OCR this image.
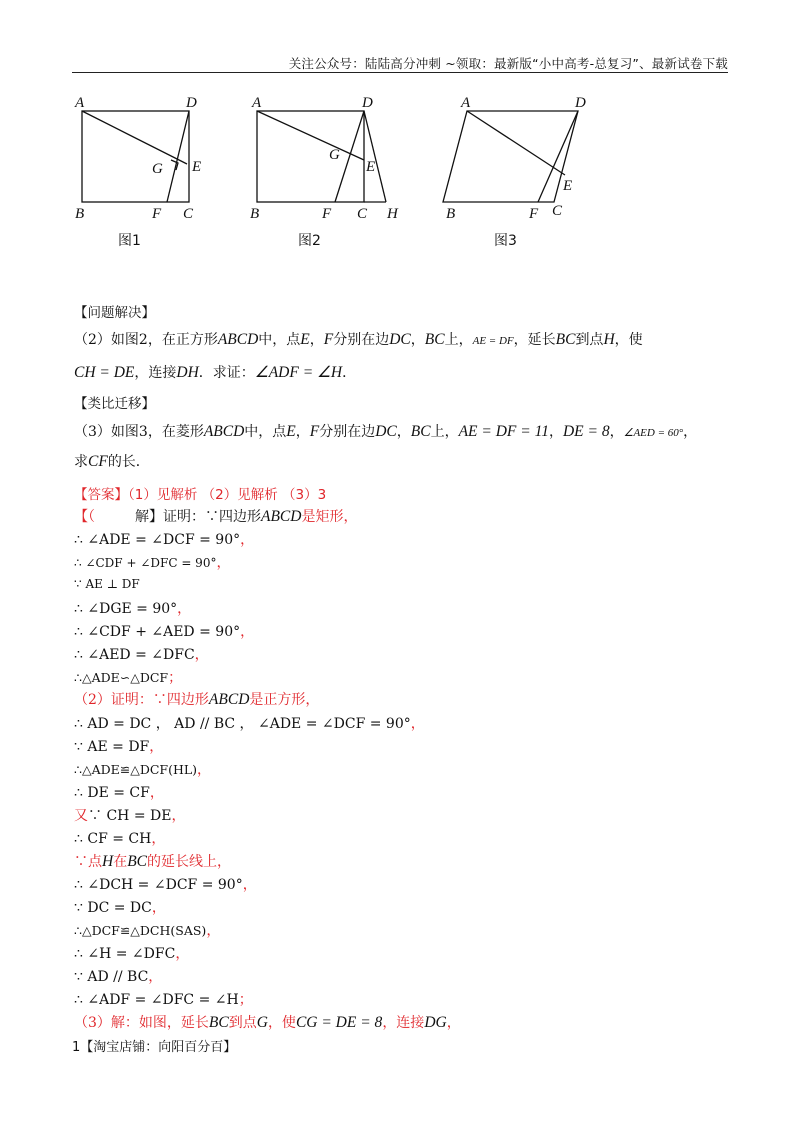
关注公众号：陆陆高分冲刺 ~领取：最新版“小中高考-总复习”、最新试卷下载
A	D
G E
B	F C
A	D
G
E
B	F C H
A	D
E
B	F C
图1	图2	图3
【问题解决】
（2）如图2，在正方形ABCD中，点E，F分别在边DC，BC上，AE = DF，延长BC到点H，使
CH = DE，连接DH．求证：∠ADF = ∠H．
【类比迁移】
（3）如图3，在菱形ABCD中，点E，F分别在边DC，BC上，AE = DF = 11，DE = 8，∠AED = 60°，
求CF的长．
【答案】（1）见解析 （2）见解析 （3）3
【（	解】证明：∵四边形ABCD是矩形，
∴ ∠ADE = ∠DCF = 90°，
∴ ∠CDF + ∠DFC = 90°，
∵ AE ⊥ DF
∴ ∠DGE = 90°，
∴ ∠CDF + ∠AED = 90°，
∴ ∠AED = ∠DFC，
∴△ADE∽△DCF；
（2）证明：∵四边形ABCD是正方形，
∴ AD = DC ， AD // BC ， ∠ADE = ∠DCF = 90°，
∵ AE = DF，
∴△ADE≌△DCF(HL)，
∴ DE = CF，
又∵ CH = DE，
∴ CF = CH，
∵点H在BC的延长线上，
∴ ∠DCH = ∠DCF = 90°，
∵ DC = DC，
∴△DCF≌△DCH(SAS)，
∴ ∠H = ∠DFC，
∵ AD // BC，
∴ ∠ADF = ∠DFC = ∠H；
（3）解：如图，延长BC到点G，使CG = DE = 8，连接DG，
1【淘宝店铺：向阳百分百】
